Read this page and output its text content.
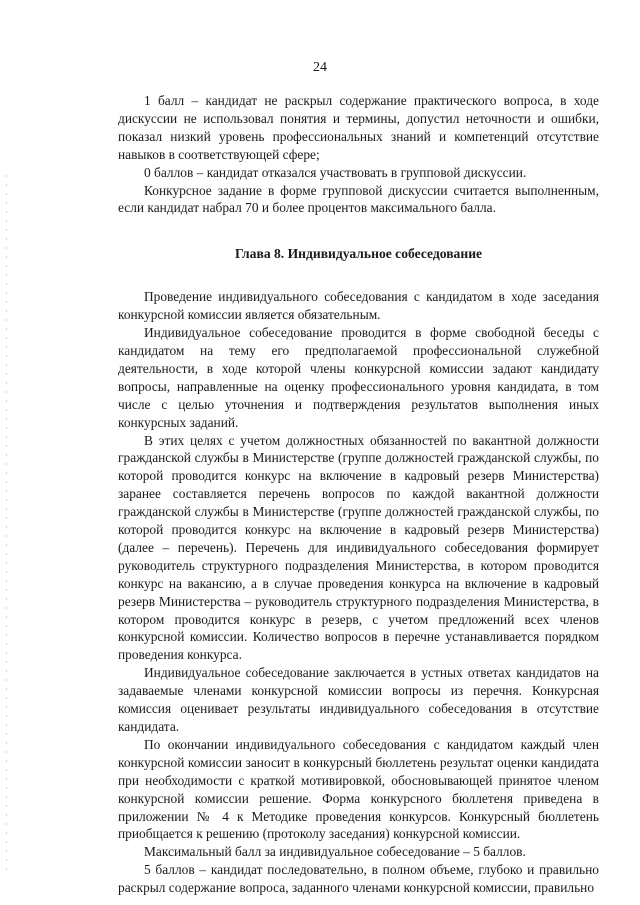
24

1 балл – кандидат не раскрыл содержание практического вопроса, в ходе дискуссии не использовал понятия и термины, допустил неточности и ошибки, показал низкий уровень профессиональных знаний и компетенций отсутствие навыков в соответствующей сфере;

0 баллов – кандидат отказался участвовать в групповой дискуссии.

Конкурсное задание в форме групповой дискуссии считается выполненным, если кандидат набрал 70 и более процентов максимального балла.

Глава 8. Индивидуальное собеседование

Проведение индивидуального собеседования с кандидатом в ходе заседания конкурсной комиссии является обязательным.

Индивидуальное собеседование проводится в форме свободной беседы с кандидатом на тему его предполагаемой профессиональной служебной деятельности, в ходе которой члены конкурсной комиссии задают кандидату вопросы, направленные на оценку профессионального уровня кандидата, в том числе с целью уточнения и подтверждения результатов выполнения иных конкурсных заданий.

В этих целях с учетом должностных обязанностей по вакантной должности гражданской службы в Министерстве (группе должностей гражданской службы, по которой проводится конкурс на включение в кадровый резерв Министерства) заранее составляется перечень вопросов по каждой вакантной должности гражданской службы в Министерстве (группе должностей гражданской службы, по которой проводится конкурс на включение в кадровый резерв Министерства) (далее – перечень). Перечень для индивидуального собеседования формирует руководитель структурного подразделения Министерства, в котором проводится конкурс на вакансию, а в случае проведения конкурса на включение в кадровый резерв Министерства – руководитель структурного подразделения Министерства, в котором проводится конкурс в резерв, с учетом предложений всех членов конкурсной комиссии. Количество вопросов в перечне устанавливается порядком проведения конкурса.

Индивидуальное собеседование заключается в устных ответах кандидатов на задаваемые членами конкурсной комиссии вопросы из перечня. Конкурсная комиссия оценивает результаты индивидуального собеседования в отсутствие кандидата.

По окончании индивидуального собеседования с кандидатом каждый член конкурсной комиссии заносит в конкурсный бюллетень результат оценки кандидата при необходимости с краткой мотивировкой, обосновывающей принятое членом конкурсной комиссии решение. Форма конкурсного бюллетеня приведена в приложении № 4 к Методике проведения конкурсов. Конкурсный бюллетень приобщается к решению (протоколу заседания) конкурсной комиссии.

Максимальный балл за индивидуальное собеседование – 5 баллов.

5 баллов – кандидат последовательно, в полном объеме, глубоко и правильно раскрыл содержание вопроса, заданного членами конкурсной комиссии, правильно
